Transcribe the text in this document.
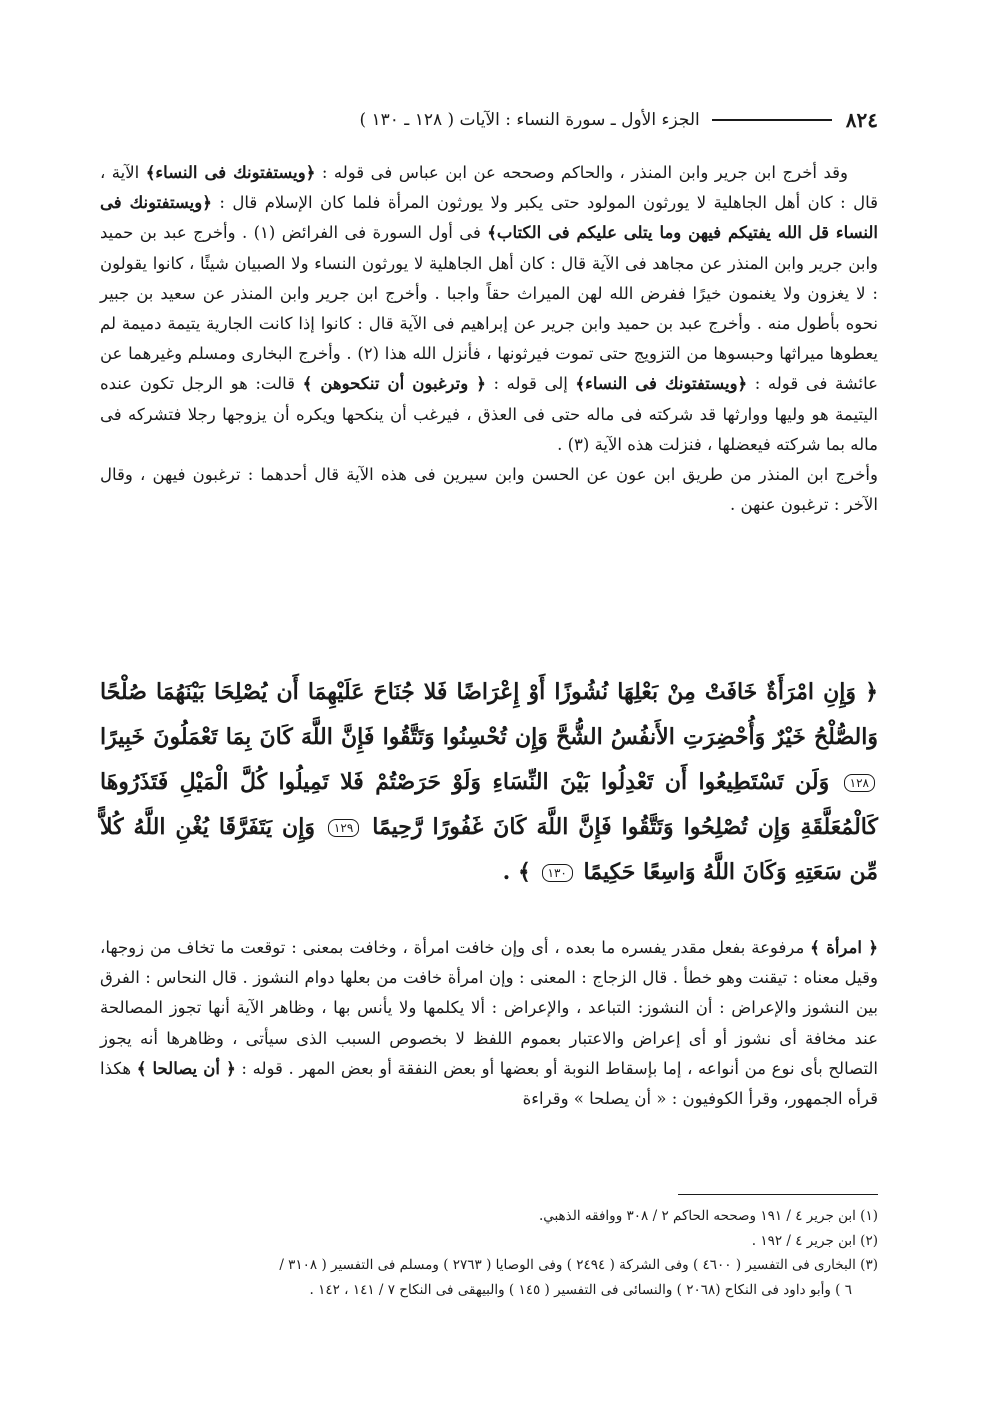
٨٢٤
الجزء الأول ـ سورة النساء : الآيات ( ١٢٨ ـ ١٣٠ )

وقد أخرج ابن جرير وابن المنذر ، والحاكم وصححه عن ابن عباس فى قوله : ﴿ويستفتونك فى النساء﴾ الآية ، قال : كان أهل الجاهلية لا يورثون المولود حتى يكبر ولا يورثون المرأة فلما كان الإسلام قال : ﴿ويستفتونك فى النساء قل الله يفتيكم فيهن وما يتلى عليكم فى الكتاب﴾ فى أول السورة فى الفرائض (١) . وأخرج عبد بن حميد وابن جرير وابن المنذر عن مجاهد فى الآية قال : كان أهل الجاهلية لا يورثون النساء ولا الصبيان شيئًا ، كانوا يقولون : لا يغزون ولا يغنمون خيرًا ففرض الله لهن الميراث حقاً واجبا . وأخرج ابن جرير وابن المنذر عن سعيد بن جبير نحوه بأطول منه . وأخرج عبد بن حميد وابن جرير عن إبراهيم فى الآية قال : كانوا إذا كانت الجارية يتيمة دميمة لم يعطوها ميراثها وحبسوها من التزويج حتى تموت فيرثونها ، فأنزل الله هذا (٢) . وأخرج البخارى ومسلم وغيرهما عن عائشة فى قوله : ﴿ويستفتونك فى النساء﴾ إلى قوله : ﴿ وترغبون أن تنكحوهن ﴾ قالت: هو الرجل تكون عنده اليتيمة هو وليها ووارثها قد شركته فى ماله حتى فى العذق ، فيرغب أن ينكحها ويكره أن يزوجها رجلا فتشركه فى ماله بما شركته فيعضلها ، فنزلت هذه الآية (٣) .

وأخرج ابن المنذر من طريق ابن عون عن الحسن وابن سيرين فى هذه الآية قال أحدهما : ترغبون فيهن ، وقال الآخر : ترغبون عنهن .

﴿ وَإِنِ امْرَأَةٌ خَافَتْ مِنْ بَعْلِهَا نُشُوزًا أَوْ إِعْرَاضًا فَلا جُنَاحَ عَلَيْهِمَا أَن يُصْلِحَا بَيْنَهُمَا صُلْحًا وَالصُّلْحُ خَيْرٌ وَأُحْضِرَتِ الأَنفُسُ الشُّحَّ وَإِن تُحْسِنُوا وَتَتَّقُوا فَإِنَّ اللَّهَ كَانَ بِمَا تَعْمَلُونَ خَبِيرًا ١٢٨ وَلَن تَسْتَطِيعُوا أَن تَعْدِلُوا بَيْنَ النِّسَاءِ وَلَوْ حَرَصْتُمْ فَلا تَمِيلُوا كُلَّ الْمَيْلِ فَتَذَرُوهَا كَالْمُعَلَّقَةِ وَإِن تُصْلِحُوا وَتَتَّقُوا فَإِنَّ اللَّهَ كَانَ غَفُورًا رَّحِيمًا ١٢٩ وَإِن يَتَفَرَّقَا يُغْنِ اللَّهُ كُلاًّ مِّن سَعَتِهِ وَكَانَ اللَّهُ وَاسِعًا حَكِيمًا ١٣٠ ﴾ .

﴿ امرأة ﴾ مرفوعة بفعل مقدر يفسره ما بعده ، أى وإن خافت امرأة ، وخافت بمعنى : توقعت ما تخاف من زوجها، وقيل معناه : تيقنت وهو خطأ . قال الزجاج : المعنى : وإن امرأة خافت من بعلها دوام النشوز . قال النحاس : الفرق بين النشوز والإعراض : أن النشوز: التباعد ، والإعراض : ألا يكلمها ولا يأنس بها ، وظاهر الآية أنها تجوز المصالحة عند مخافة أى نشوز أو أى إعراض والاعتبار بعموم اللفظ لا بخصوص السبب الذى سيأتى ، وظاهرها أنه يجوز التصالح بأى نوع من أنواعه ، إما بإسقاط النوبة أو بعضها أو بعض النفقة أو بعض المهر . قوله : ﴿ أن يصالحا ﴾ هكذا قرأه الجمهور، وقرأ الكوفيون : « أن يصلحا » وقراءة

(١) ابن جرير ٤ / ١٩١ وصححه الحاكم ٢ / ٣٠٨ ووافقه الذهبي.

(٢) ابن جرير ٤ / ١٩٢ .

(٣) البخارى فى التفسير ( ٤٦٠٠ ) وفى الشركة ( ٢٤٩٤ ) وفى الوصايا ( ٢٧٦٣ ) ومسلم فى التفسير ( ٣١٠٨ /

٦ ) وأبو داود فى النكاح (٢٠٦٨ ) والنسائى فى التفسير ( ١٤٥ ) والبيهقى فى النكاح ٧ / ١٤١ ، ١٤٢ .
